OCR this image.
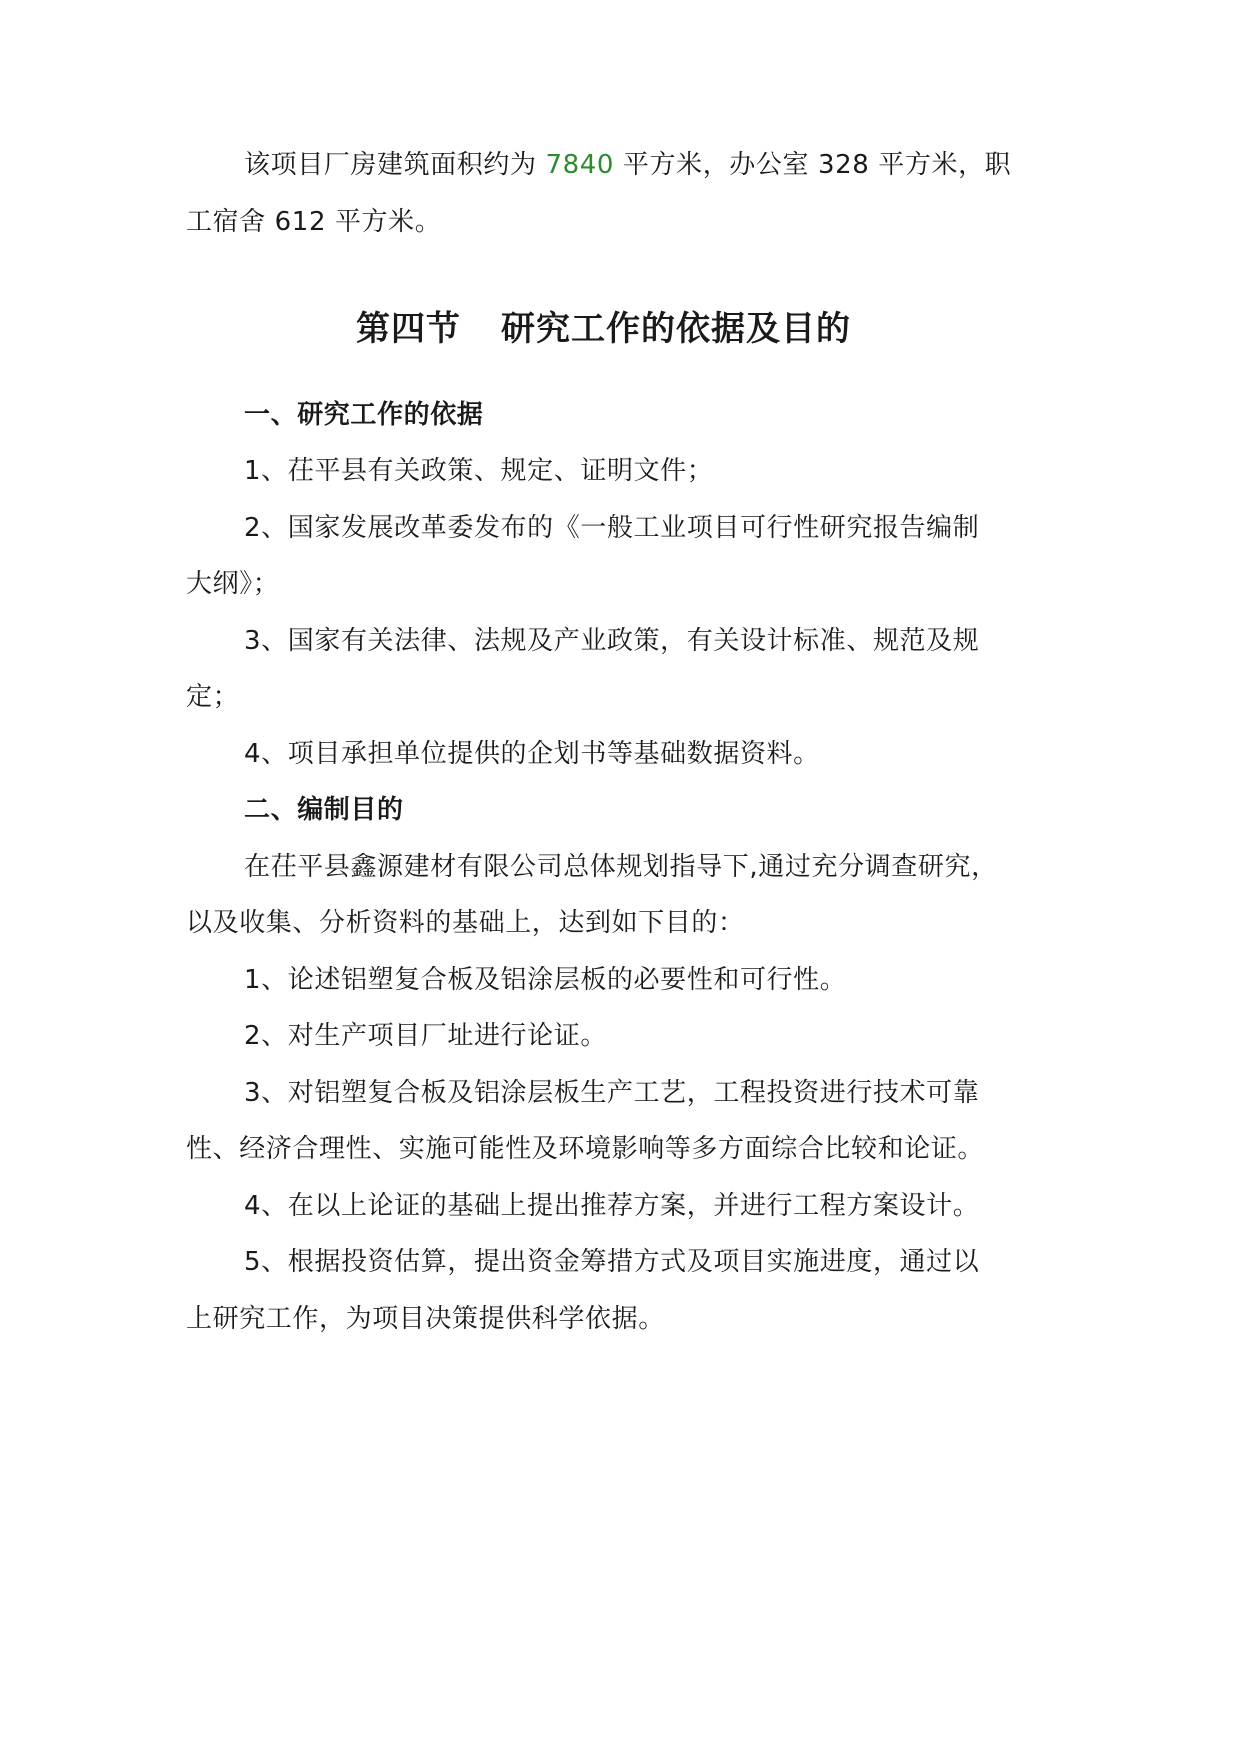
该项目厂房建筑面积约为 7840 平方米，办公室 328 平方米，职
工宿舍 612 平方米。
第四节 研究工作的依据及目的
一、研究工作的依据
1、茌平县有关政策、规定、证明文件；
2、国家发展改革委发布的《一般工业项目可行性研究报告编制
大纲》；
3、国家有关法律、法规及产业政策，有关设计标准、规范及规
定；
4、项目承担单位提供的企划书等基础数据资料。
二、编制目的
在茌平县鑫源建材有限公司总体规划指导下,通过充分调查研究，
以及收集、分析资料的基础上，达到如下目的：
1、论述铝塑复合板及铝涂层板的必要性和可行性。
2、对生产项目厂址进行论证。
3、对铝塑复合板及铝涂层板生产工艺，工程投资进行技术可靠
性、经济合理性、实施可能性及环境影响等多方面综合比较和论证。
4、在以上论证的基础上提出推荐方案，并进行工程方案设计。
5、根据投资估算，提出资金筹措方式及项目实施进度，通过以
上研究工作，为项目决策提供科学依据。
